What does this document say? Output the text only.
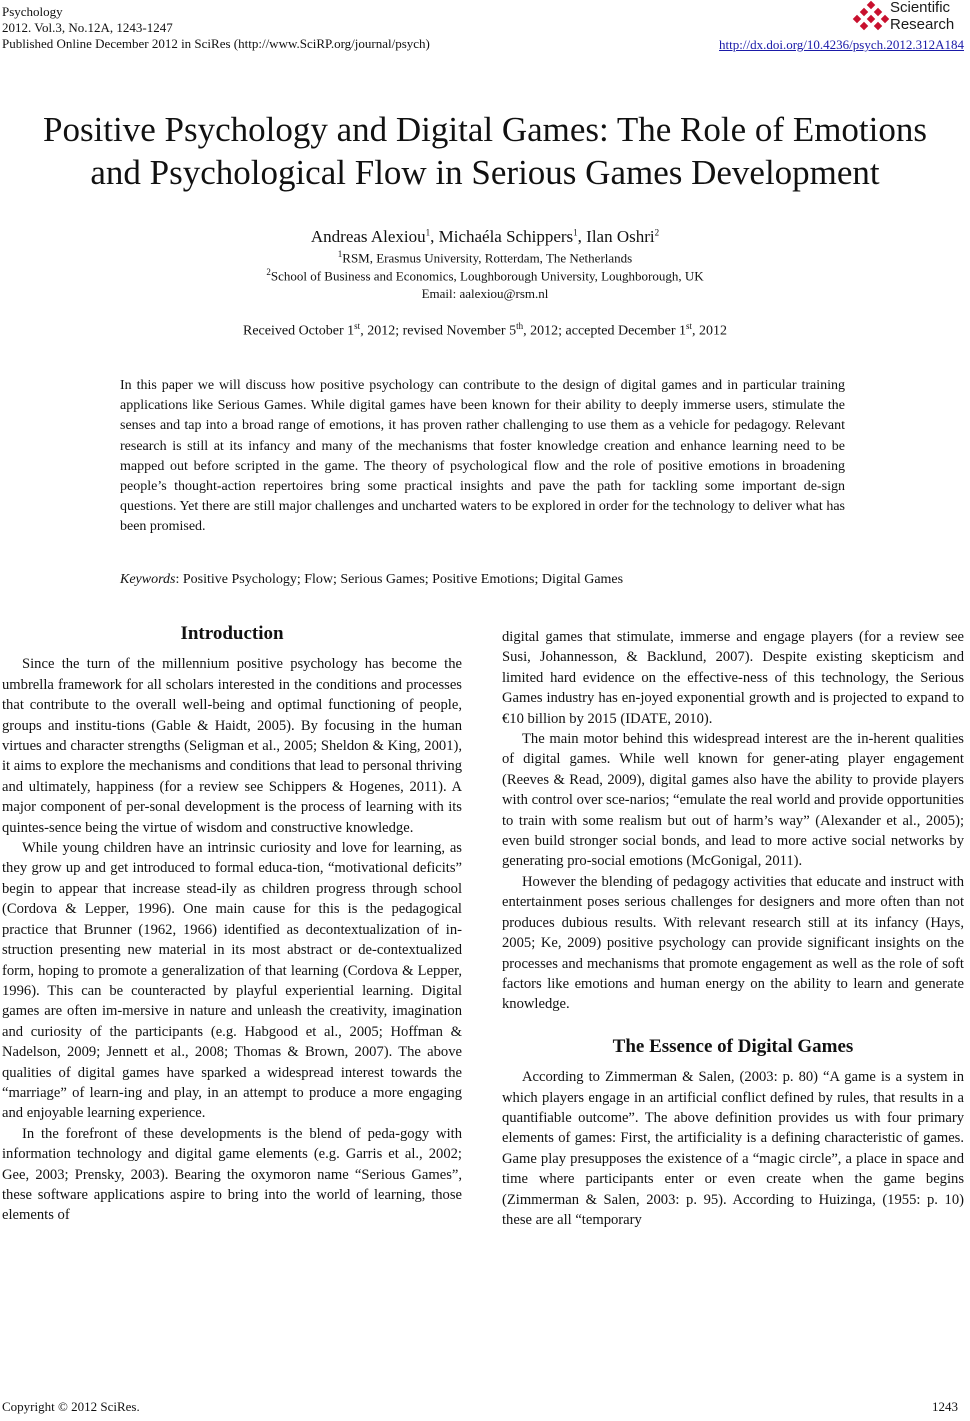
Psychology
2012. Vol.3, No.12A, 1243-1247
Published Online December 2012 in SciRes (http://www.SciRP.org/journal/psych)
Scientific
Research
http://dx.doi.org/10.4236/psych.2012.312A184
Positive Psychology and Digital Games: The Role of Emotions
and Psychological Flow in Serious Games Development
Andreas Alexiou$^1$, Michaéla Schippers$^1$, Ilan Oshri$^2$
$^1$RSM, Erasmus University, Rotterdam, The Netherlands
$^2$School of Business and Economics, Loughborough University, Loughborough, UK
Email: aalexiou@rsm.nl
Received October 1st, 2012; revised November 5th, 2012; accepted December 1st, 2012
In this paper we will discuss how positive psychology can contribute to the design of digital games and in particular training applications like Serious Games. While digital games have been known for their ability to deeply immerse users, stimulate the senses and tap into a broad range of emotions, it has proven rather challenging to use them as a vehicle for pedagogy. Relevant research is still at its infancy and many of the mechanisms that foster knowledge creation and enhance learning need to be mapped out before scripted in the game. The theory of psychological flow and the role of positive emotions in broadening people’s thought-action repertoires bring some practical insights and pave the path for tackling some important de-sign questions. Yet there are still major challenges and uncharted waters to be explored in order for the technology to deliver what has been promised.
Keywords: Positive Psychology; Flow; Serious Games; Positive Emotions; Digital Games
Introduction

Since the turn of the millennium positive psychology has become the umbrella framework for all scholars interested in the conditions and processes that contribute to the overall well-being and optimal functioning of people, groups and institu-tions (Gable & Haidt, 2005). By focusing in the human virtues and character strengths (Seligman et al., 2005; Sheldon & King, 2001), it aims to explore the mechanisms and conditions that lead to personal thriving and ultimately, happiness (for a review see Schippers & Hogenes, 2011). A major component of per-sonal development is the process of learning with its quintes-sence being the virtue of wisdom and constructive knowledge.

While young children have an intrinsic curiosity and love for learning, as they grow up and get introduced to formal educa-tion, “motivational deficits” begin to appear that increase stead-ily as children progress through school (Cordova & Lepper, 1996). One main cause for this is the pedagogical practice that Brunner (1962, 1966) identified as decontextualization of in-struction presenting new material in its most abstract or de-contextualized form, hoping to promote a generalization of that learning (Cordova & Lepper, 1996). This can be counteracted by playful experiential learning. Digital games are often im-mersive in nature and unleash the creativity, imagination and curiosity of the participants (e.g. Habgood et al., 2005; Hoffman & Nadelson, 2009; Jennett et al., 2008; Thomas & Brown, 2007). The above qualities of digital games have sparked a widespread interest towards the “marriage” of learn-ing and play, in an attempt to produce a more engaging and enjoyable learning experience.

In the forefront of these developments is the blend of peda-gogy with information technology and digital game elements (e.g. Garris et al., 2002; Gee, 2003; Prensky, 2003). Bearing the oxymoron name “Serious Games”, these software applications aspire to bring into the world of learning, those elements of

digital games that stimulate, immerse and engage players (for a review see Susi, Johannesson, & Backlund, 2007). Despite existing skepticism and limited hard evidence on the effective-ness of this technology, the Serious Games industry has en-joyed exponential growth and is projected to expand to €10 billion by 2015 (IDATE, 2010).

The main motor behind this widespread interest are the in-herent qualities of digital games. While well known for gener-ating player engagement (Reeves & Read, 2009), digital games also have the ability to provide players with control over sce-narios; “emulate the real world and provide opportunities to train with some realism but out of harm’s way” (Alexander et al., 2005); even build stronger social bonds, and lead to more active social networks by generating pro-social emotions (McGonigal, 2011).

However the blending of pedagogy activities that educate and instruct with entertainment poses serious challenges for designers and more often than not produces dubious results. With relevant research still at its infancy (Hays, 2005; Ke, 2009) positive psychology can provide significant insights on the processes and mechanisms that promote engagement as well as the role of soft factors like emotions and human energy on the ability to learn and generate knowledge.

The Essence of Digital Games

According to Zimmerman & Salen, (2003: p. 80) “A game is a system in which players engage in an artificial conflict defined by rules, that results in a quantifiable outcome”. The above definition provides us with four primary elements of games: First, the artificiality is a defining characteristic of games. Game play presupposes the existence of a “magic circle”, a place in space and time where participants enter or even create when the game begins (Zimmerman & Salen, 2003: p. 95). According to Huizinga, (1955: p. 10) these are all “temporary

Copyright © 2012 SciRes.	1243
